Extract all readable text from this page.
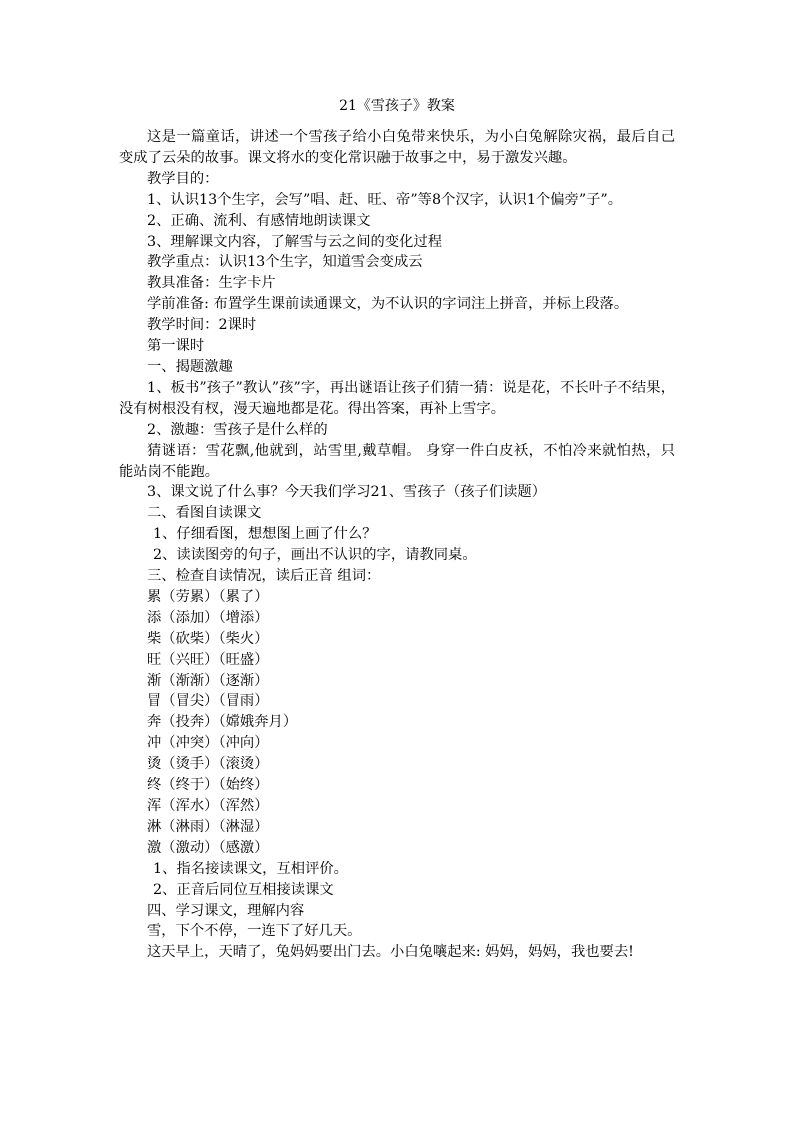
21《雪孩子》教案

这是一篇童话，讲述一个雪孩子给小白兔带来快乐，为小白兔解除灾祸，最后自己变成了云朵的故事。课文将水的变化常识融于故事之中，易于激发兴趣。

教学目的：

1、认识13个生字，会写”唱、赶、旺、帝”等8个汉字，认识1个偏旁”子”。

2、正确、流利、有感情地朗读课文

3、理解课文内容，了解雪与云之间的变化过程

教学重点：认识13个生字，知道雪会变成云

教具准备：生字卡片

学前准备: 布置学生课前读通课文，为不认识的字词注上拼音，并标上段落。

教学时间：2课时

第一课时

一、揭题激趣

1、板书”孩子”教认”孩”字，再出谜语让孩子们猜一猜：说是花，不长叶子不结果，没有树根没有杈，漫天遍地都是花。得出答案，再补上雪字。

2、激趣：雪孩子是什么样的

猜谜语：雪花飘,他就到，站雪里,戴草帽。 身穿一件白皮袄，不怕冷来就怕热，只能站岗不能跑。

3、课文说了什么事？今天我们学习21、雪孩子（孩子们读题）

二、看图自读课文

1、仔细看图，想想图上画了什么？

2、读读图旁的句子，画出不认识的字，请教同桌。

三、检查自读情况，读后正音 组词：

累（劳累）（累了）

添（添加）（增添）

柴（砍柴）（柴火）

旺（兴旺）（旺盛）

渐（渐渐）（逐渐）

冒（冒尖）（冒雨）

奔（投奔）（嫦娥奔月）

冲（冲突）（冲向）

烫（烫手）（滚烫）

终（终于）（始终）

浑（浑水）（浑然）

淋（淋雨）（淋湿）

激（激动）（感激）

1、指名接读课文，互相评价。

2、正音后同位互相接读课文

四、学习课文，理解内容

雪，下个不停，一连下了好几天。

这天早上，天晴了，兔妈妈要出门去。小白兔嚷起来: 妈妈，妈妈，我也要去!
